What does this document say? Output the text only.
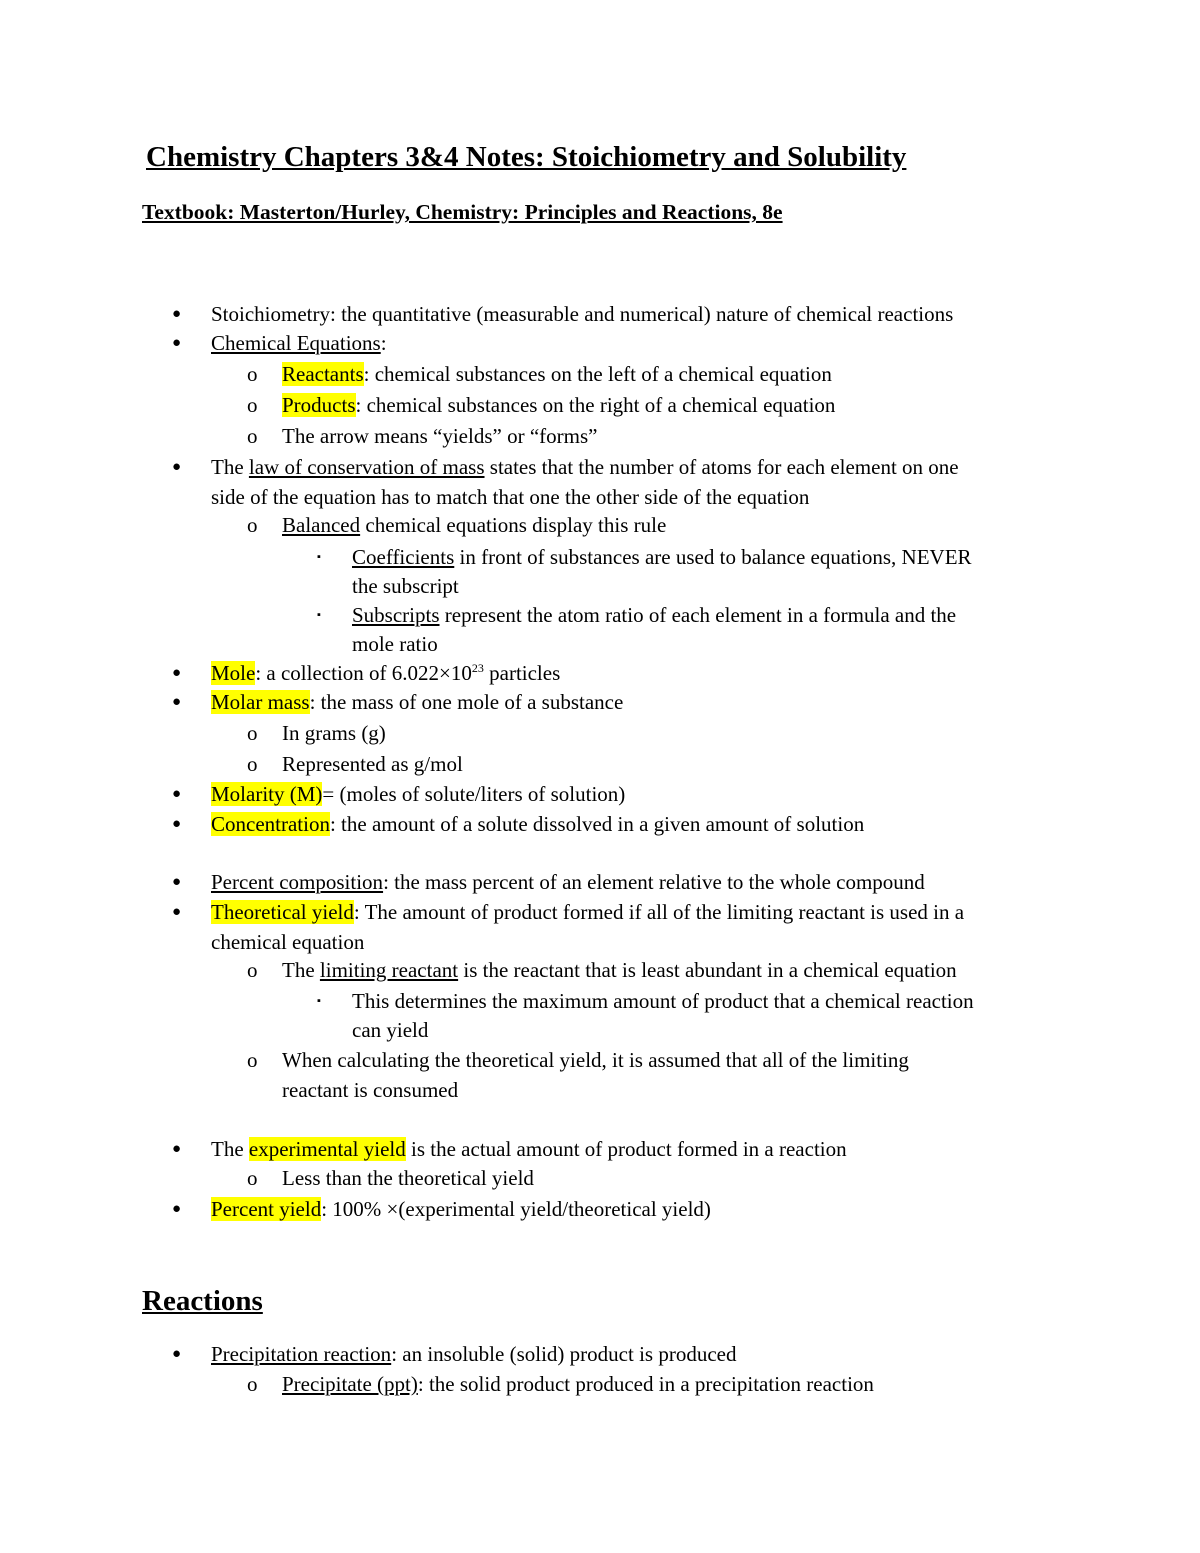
Chemistry Chapters 3&4 Notes: Stoichiometry and Solubility
Textbook: Masterton/Hurley, Chemistry: Principles and Reactions, 8e
● Stoichiometry: the quantitative (measurable and numerical) nature of chemical reactions
● Chemical Equations:
o Reactants: chemical substances on the left of a chemical equation
o Products: chemical substances on the right of a chemical equation
o The arrow means “yields” or “forms”
● The law of conservation of mass states that the number of atoms for each element on one
side of the equation has to match that one the other side of the equation
o Balanced chemical equations display this rule
▪ Coefficients in front of substances are used to balance equations, NEVER
the subscript
▪ Subscripts represent the atom ratio of each element in a formula and the
mole ratio
● Mole: a collection of $6.022\times 10^{23}$ particles
● Molar mass: the mass of one mole of a substance
o In grams (g)
o Represented as g/mol
● Molarity (M)= (moles of solute/liters of solution)
● Concentration: the amount of a solute dissolved in a given amount of solution
● Percent composition: the mass percent of an element relative to the whole compound
● Theoretical yield: The amount of product formed if all of the limiting reactant is used in a
chemical equation
o The limiting reactant is the reactant that is least abundant in a chemical equation
▪ This determines the maximum amount of product that a chemical reaction
can yield
o When calculating the theoretical yield, it is assumed that all of the limiting
reactant is consumed
● The experimental yield is the actual amount of product formed in a reaction
o Less than the theoretical yield
● Percent yield: 100% ×(experimental yield/theoretical yield)
Reactions
● Precipitation reaction: an insoluble (solid) product is produced
o Precipitate (ppt): the solid product produced in a precipitation reaction
